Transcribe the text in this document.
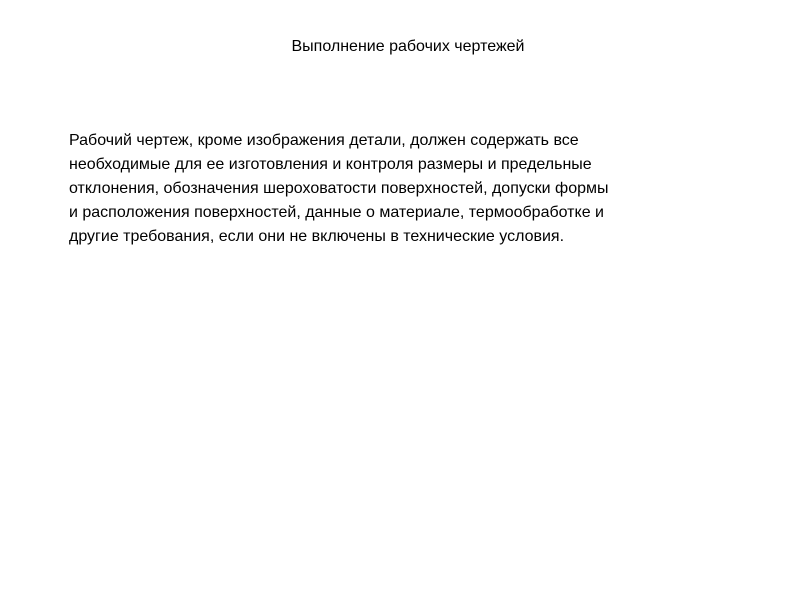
Выполнение рабочих чертежей
Рабочий чертеж, кроме изображения детали, должен содержать все
необходимые для ее изготовления и контроля размеры и предельные
отклонения, обозначения шероховатости поверхностей, допуски формы
и расположения поверхностей, данные о материале, термообработке и
другие требования, если они не включены в технические условия.
